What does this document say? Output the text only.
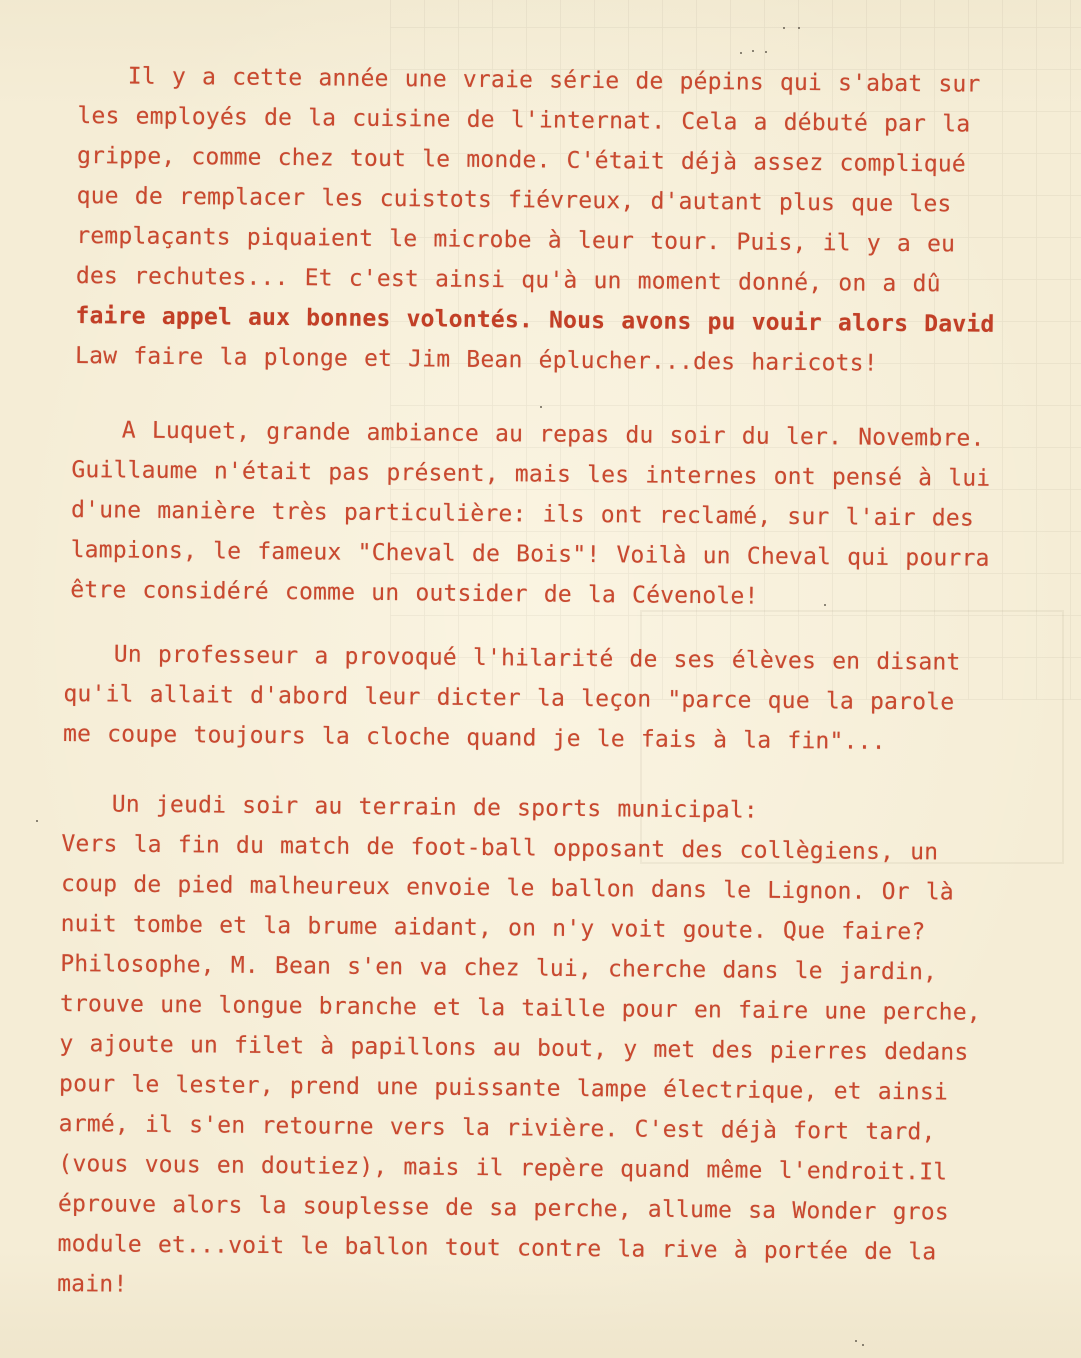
Il y a cette année une vraie série de pépins qui s'abat sur
les employés de la cuisine de l'internat. Cela a débuté par la
grippe, comme chez tout le monde. C'était déjà assez compliqué
que de remplacer les cuistots fiévreux, d'autant plus que les
remplaçants piquaient le microbe à leur tour. Puis, il y a eu
des rechutes... Et c'est ainsi qu'à un moment donné, on a dû
faire appel aux bonnes volontés. Nous avons pu vouir alors David
Law faire la plonge et Jim Bean éplucher...des haricots!
A Luquet, grande ambiance au repas du soir du ler. Novembre.
Guillaume n'était pas présent, mais les internes ont pensé à lui
d'une manière très particulière: ils ont reclamé, sur l'air des
lampions, le fameux "Cheval de Bois"! Voilà un Cheval qui pourra
être considéré comme un outsider de la Cévenole!
Un professeur a provoqué l'hilarité de ses élèves en disant
qu'il allait d'abord leur dicter la leçon "parce que la parole
me coupe toujours la cloche quand je le fais à la fin"...
Un jeudi soir au terrain de sports municipal:
Vers la fin du match de foot-ball opposant des collègiens, un
coup de pied malheureux envoie le ballon dans le Lignon. Or là
nuit tombe et la brume aidant, on n'y voit goute. Que faire?
Philosophe, M. Bean s'en va chez lui, cherche dans le jardin,
trouve une longue branche et la taille pour en faire une perche,
y ajoute un filet à papillons au bout, y met des pierres dedans
pour le lester, prend une puissante lampe électrique, et ainsi
armé, il s'en retourne vers la rivière. C'est déjà fort tard,
(vous vous en doutiez), mais il repère quand même l'endroit.Il
éprouve alors la souplesse de sa perche, allume sa Wonder gros
module et...voit le ballon tout contre la rive à portée de la
main!
